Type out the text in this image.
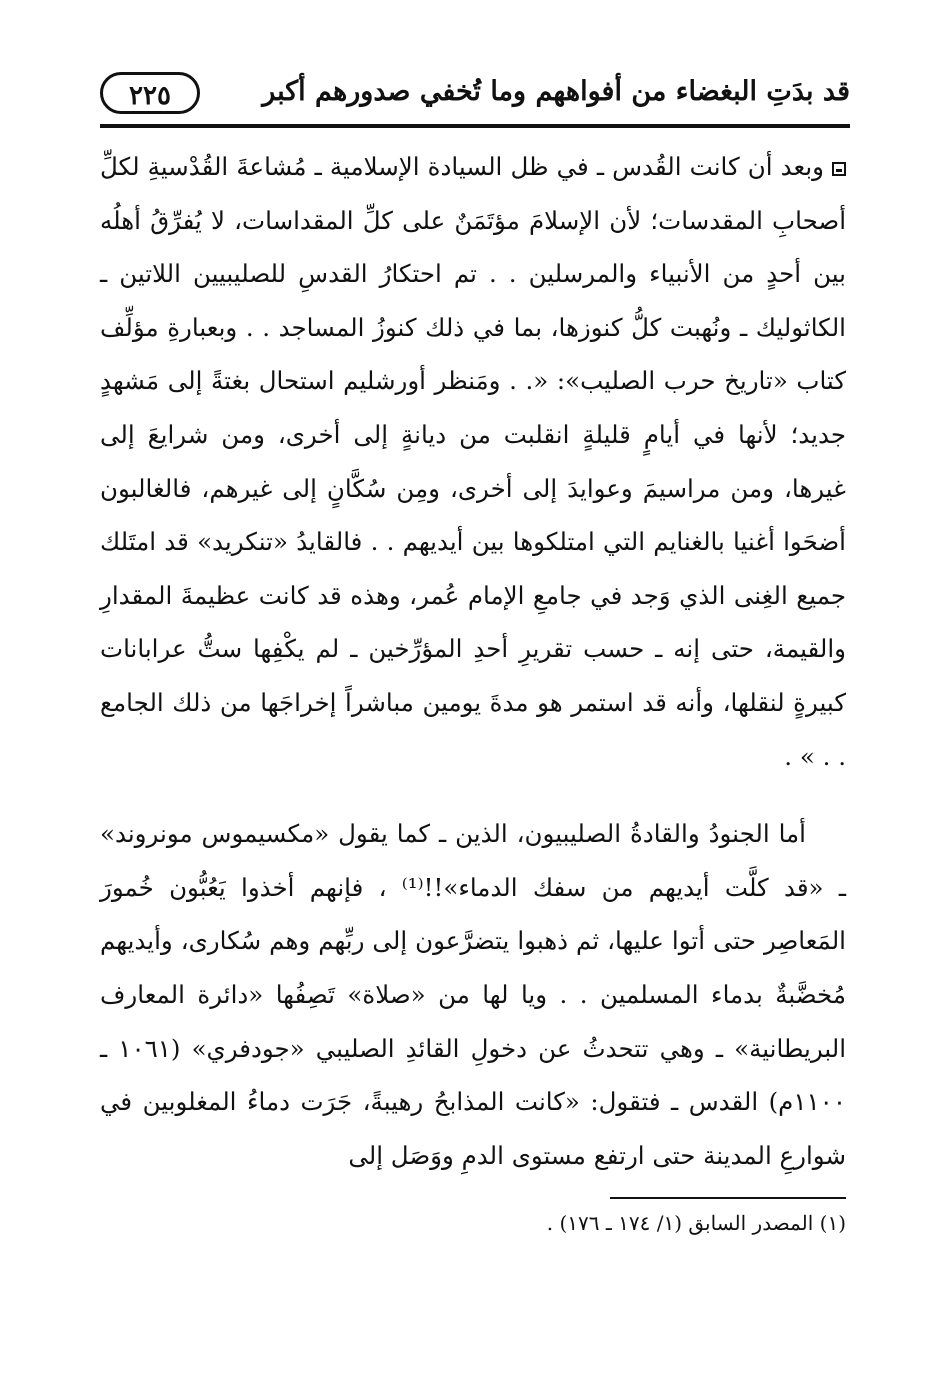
قد بدَتِ البغضاء من أفواههم وما تُخفي صدورهم أكبر
٢٢٥

وبعد أن كانت القُدس ـ في ظل السيادة الإسلامية ـ مُشاعةَ القُدْسيةِ لكلِّ أصحابِ المقدسات؛ لأن الإسلامَ مؤتَمَنٌ على كلِّ المقداسات، لا يُفرِّقُ أهلُه بين أحدٍ من الأنبياء والمرسلين . . تم احتكارُ القدسِ للصليبيين اللاتين ـ الكاثوليك ـ ونُهبت كلُّ كنوزها، بما في ذلك كنوزُ المساجد . . وبعبارةِ مؤلِّف كتاب «تاريخ حرب الصليب»: «. . ومَنظر أورشليم استحال بغتةً إلى مَشهدٍ جديد؛ لأنها في أيامٍ قليلةٍ انقلبت من ديانةٍ إلى أخرى، ومن شرايعَ إلى غيرها، ومن مراسيمَ وعوايدَ إلى أخرى، ومِن سُكَّانٍ إلى غيرهم، فالغالبون أضحَوا أغنيا بالغنايم التي امتلكوها بين أيديهم . . فالقايدُ «تنكريد» قد امتَلك جميع الغِنى الذي وَجد في جامعِ الإمام عُمر، وهذه قد كانت عظيمةَ المقدارِ والقيمة، حتى إنه ـ حسب تقريرِ أحدِ المؤرِّخين ـ لم يكْفِها ستُّ عرابانات كبيرةٍ لنقلها، وأنه قد استمر هو مدةَ يومين مباشراً إخراجَها من ذلك الجامع . . » .

أما الجنودُ والقادةُ الصليبيون، الذين ـ كما يقول «مكسيموس مونروند» ـ «قد كلَّت أيديهم من سفك الدماء»!!⁽¹⁾ ، فإنهم أخذوا يَعُبُّون خُمورَ المَعاصِر حتى أتوا عليها، ثم ذهبوا يتضرَّعون إلى ربِّهم وهم سُكارى، وأيديهم مُخضَّبةٌ بدماء المسلمين . . ويا لها من «صلاة» تَصِفُها «دائرة المعارف البريطانية» ـ وهي تتحدثُ عن دخولِ القائدِ الصليبي «جودفري» (١٠٦١ ـ ١١٠٠م) القدس ـ فتقول: «كانت المذابحُ رهيبةً، جَرَت دماءُ المغلوبين في شوارعِ المدينة حتى ارتفع مستوى الدمِ ووَصَل إلى

(١) المصدر السابق (١/ ١٧٤ ـ ١٧٦) .
